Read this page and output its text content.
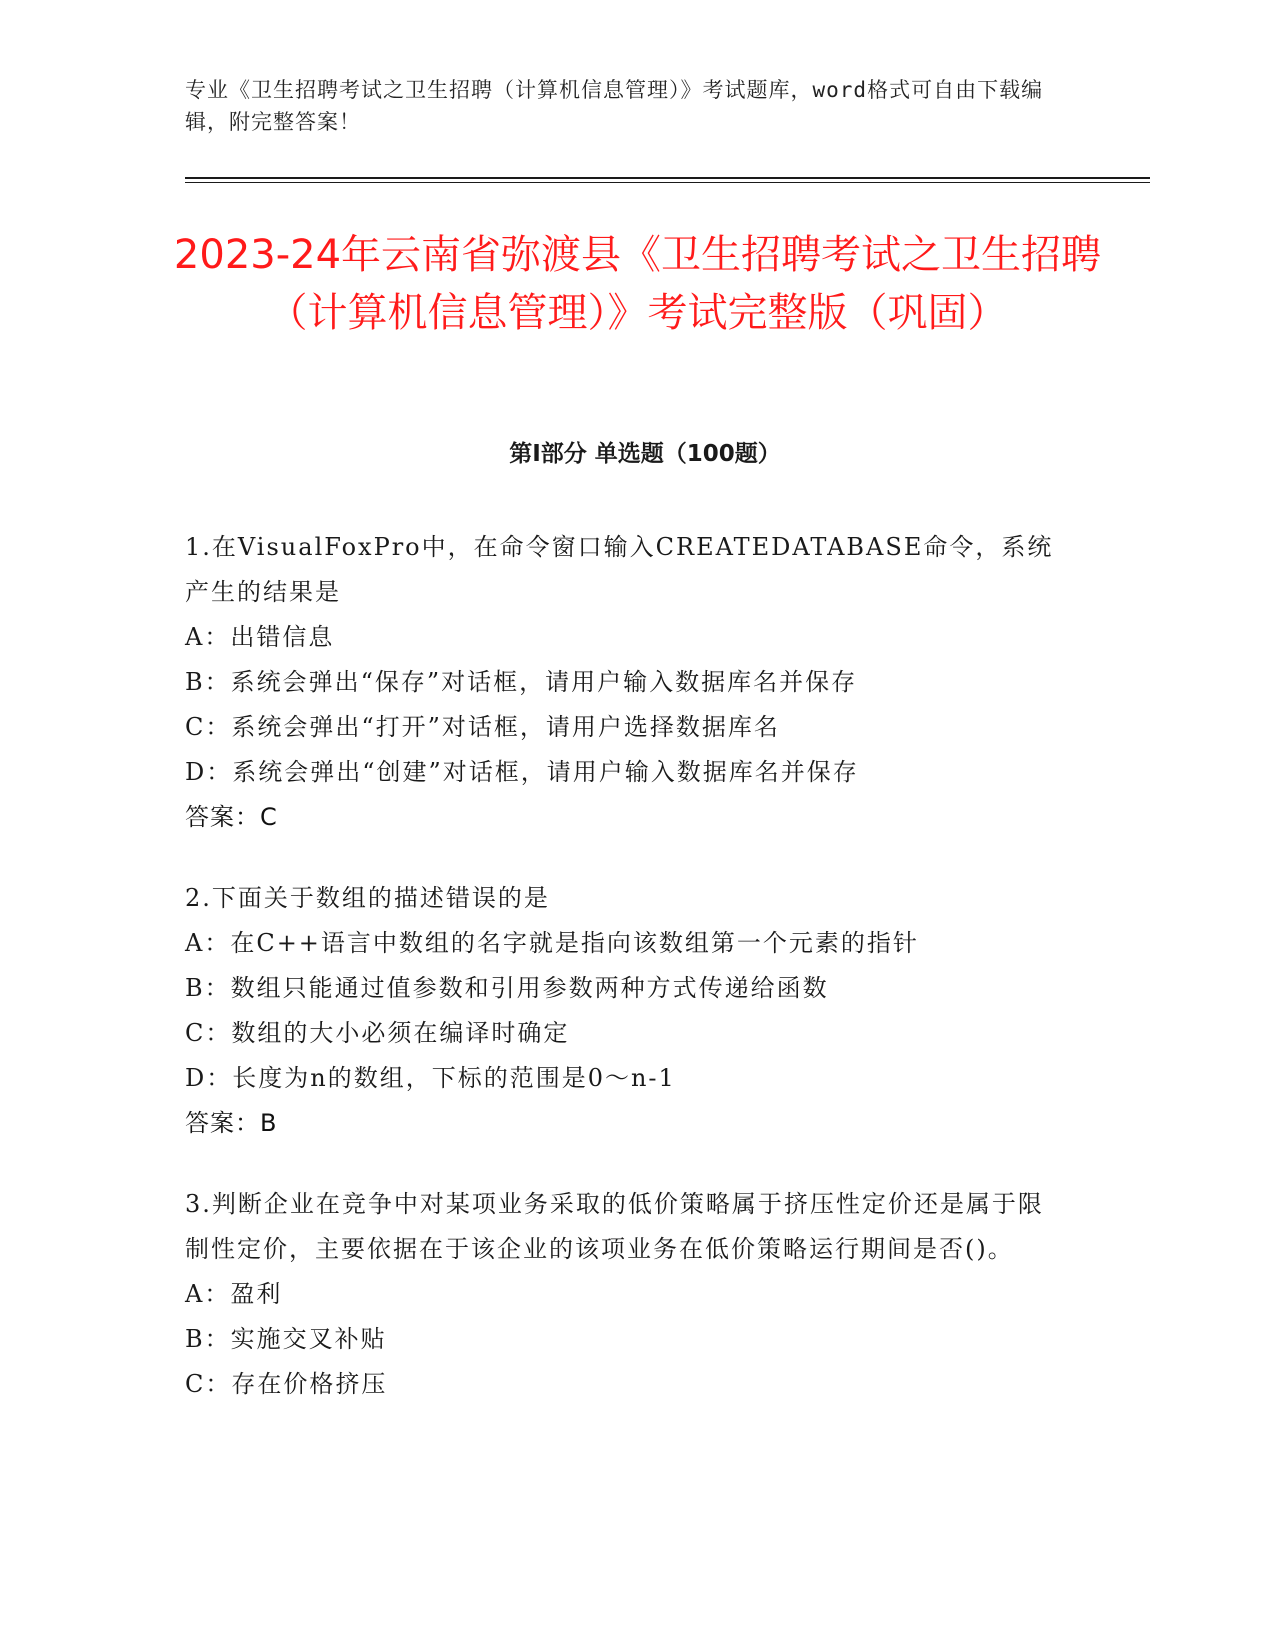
专业《卫生招聘考试之卫生招聘（计算机信息管理）》考试题库，word格式可自由下载编辑，附完整答案！
2023-24年云南省弥渡县《卫生招聘考试之卫生招聘（计算机信息管理）》考试完整版（巩固）
第Ⅰ部分 单选题（100题）
1.在VisualFoxPro中，在命令窗口输入CREATEDATABASE命令，系统产生的结果是
A：出错信息
B：系统会弹出“保存”对话框，请用户输入数据库名并保存
C：系统会弹出“打开”对话框，请用户选择数据库名
D：系统会弹出“创建”对话框，请用户输入数据库名并保存
答案：C
2.下面关于数组的描述错误的是
A：在C++语言中数组的名字就是指向该数组第一个元素的指针
B：数组只能通过值参数和引用参数两种方式传递给函数
C：数组的大小必须在编译时确定
D：长度为n的数组，下标的范围是0～n-1
答案：B
3.判断企业在竞争中对某项业务采取的低价策略属于挤压性定价还是属于限制性定价，主要依据在于该企业的该项业务在低价策略运行期间是否()。
A：盈利
B：实施交叉补贴
C：存在价格挤压
